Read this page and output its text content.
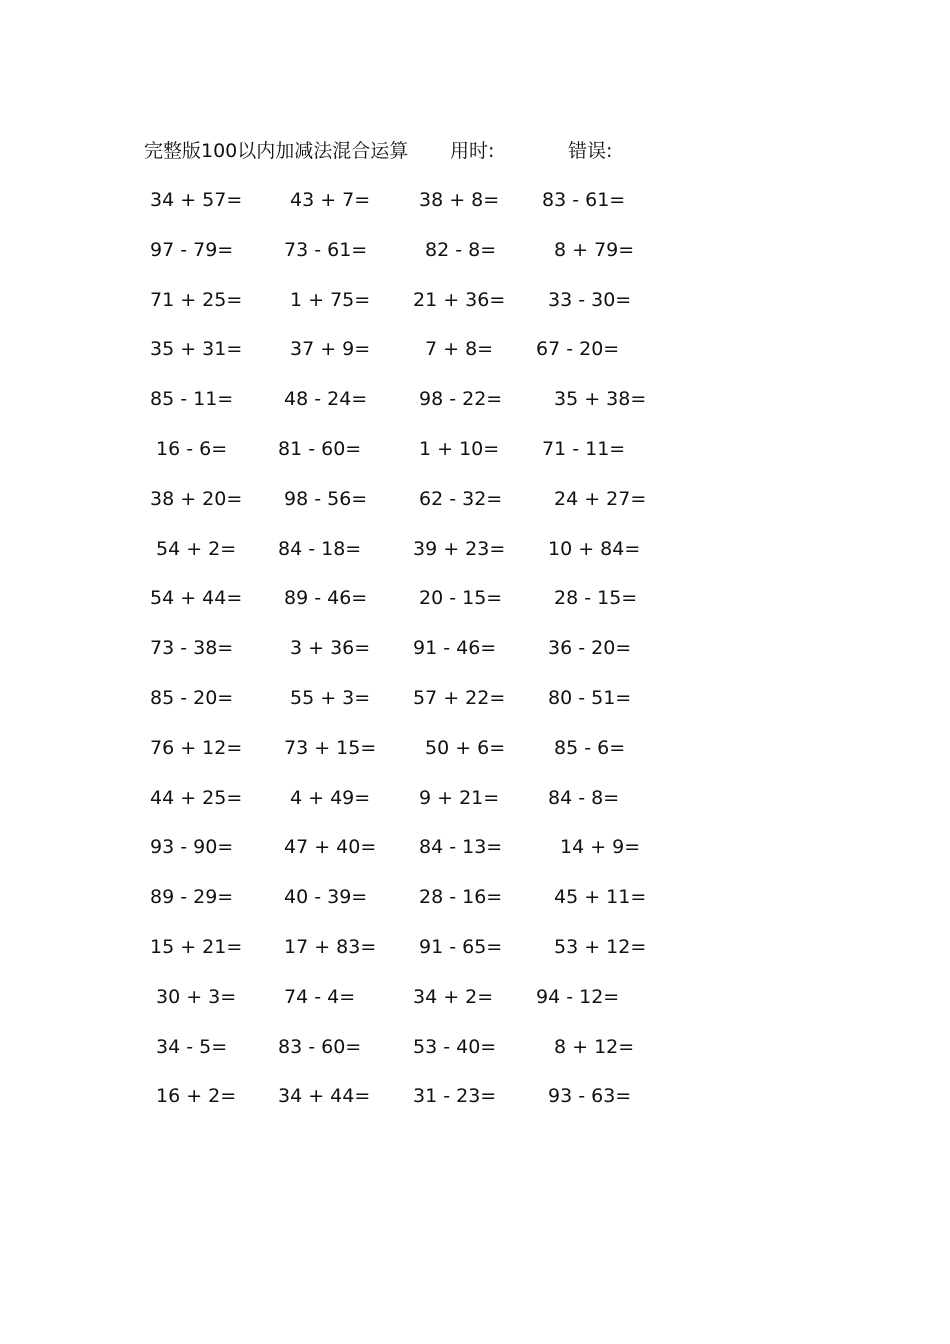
完整版100以内加减法混合运算 用时:	错误:
34 + 57=	43 + 7=	38 + 8= 83 - 61=
97 - 79=	73 - 61=	82 - 8=	8 + 79=
71 + 25=	1 + 75= 21 + 36= 33 - 30=
35 + 31=	37 + 9=	7 + 8= 67 - 20=
85 - 11=	48 - 24=	98 - 22=	35 + 38=
16 - 6=	81 - 60=	1 + 10= 71 - 11=
38 + 20= 98 - 56=	62 - 32=	24 + 27=
54 + 2= 84 - 18=	39 + 23= 10 + 84=
54 + 44= 89 - 46=	20 - 15=	28 - 15=
73 - 38=	3 + 36= 91 - 46=	36 - 20=
85 - 20=	55 + 3= 57 + 22= 80 - 51=
76 + 12= 73 + 15=	50 + 6=	85 - 6=
44 + 25=	4 + 49=	9 + 21=	84 - 8=
93 - 90=	47 + 40= 84 - 13=	14 + 9=
89 - 29=	40 - 39=	28 - 16=	45 + 11=
15 + 21= 17 + 83= 91 - 65=	53 + 12=
30 + 3=	74 - 4=	34 + 2= 94 - 12=
34 - 5=	83 - 60=	53 - 40=	8 + 12=
16 + 2= 34 + 44= 31 - 23=	93 - 63=
